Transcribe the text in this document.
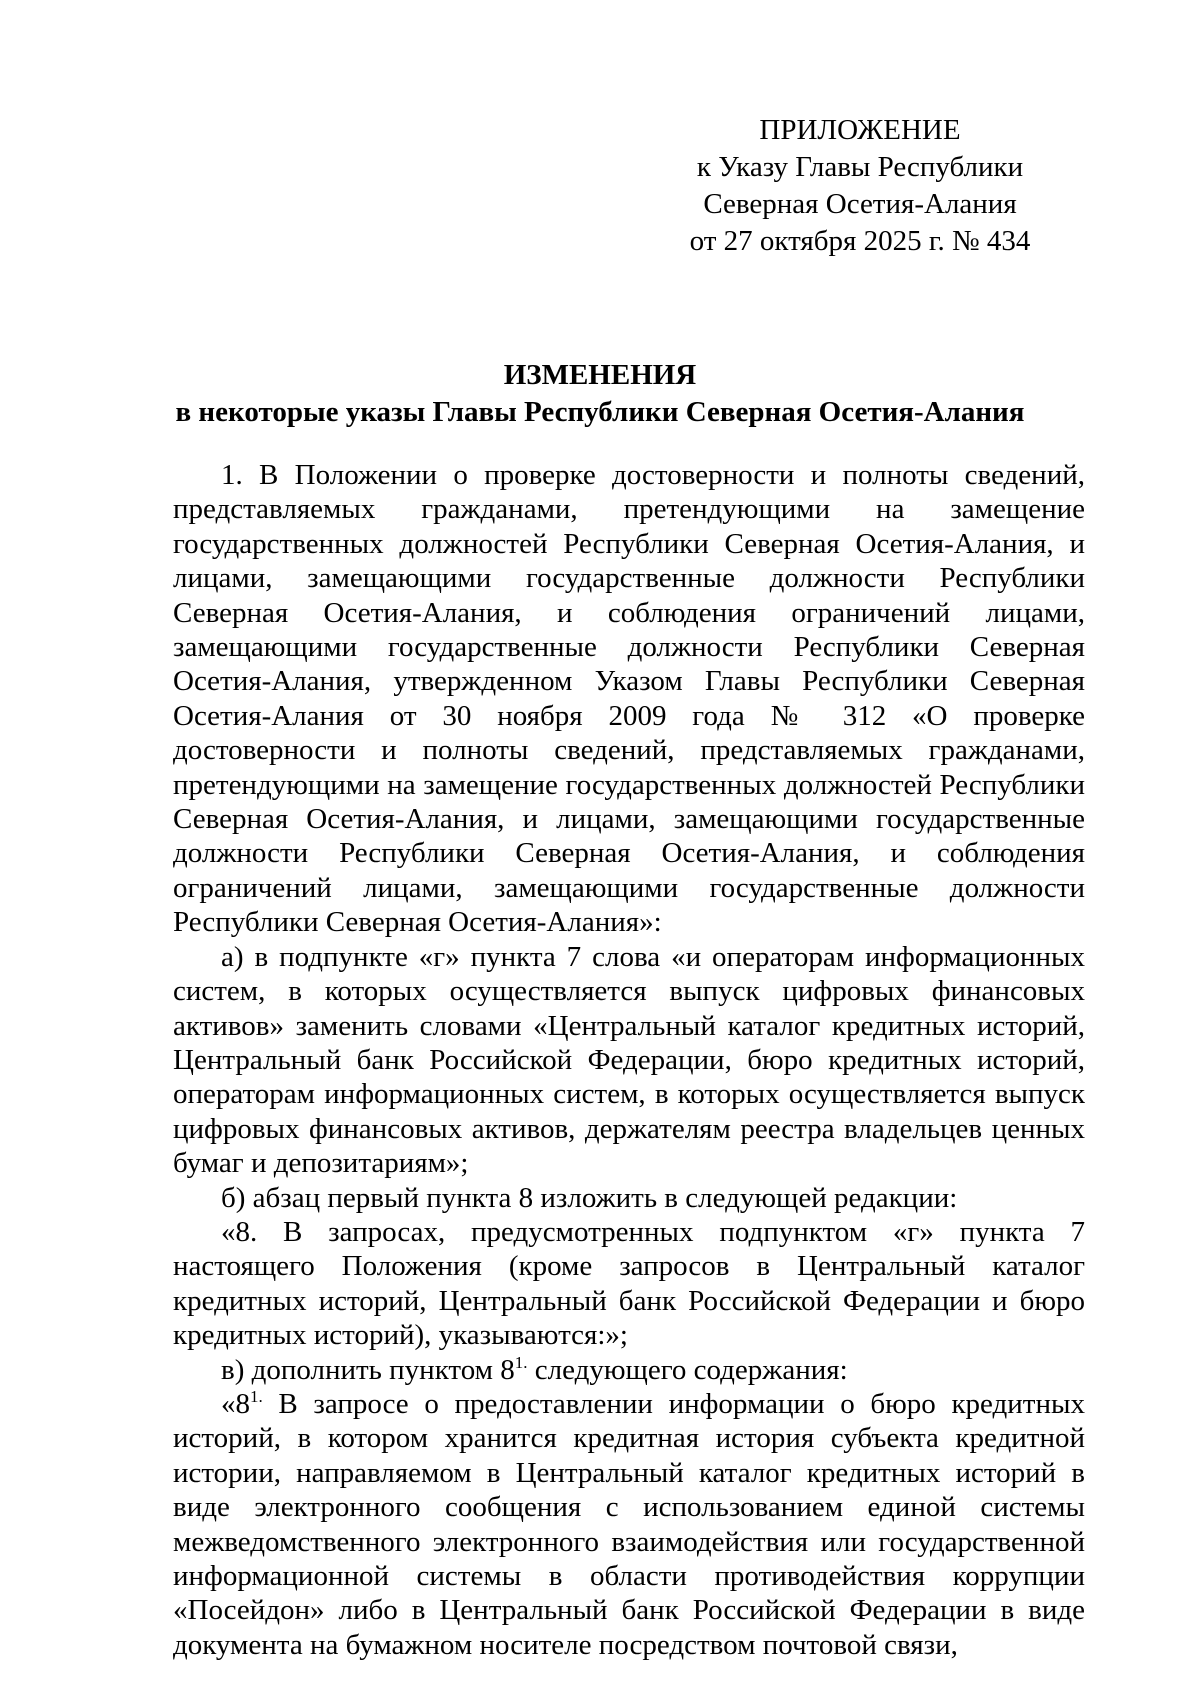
ПРИЛОЖЕНИЕ
к Указу Главы Республики
Северная Осетия-Алания
от 27 октября 2025 г. № 434
ИЗМЕНЕНИЯ
в некоторые указы Главы Республики Северная Осетия-Алания

1. В Положении о проверке достоверности и полноты сведений, представляемых гражданами, претендующими на замещение государственных должностей Республики Северная Осетия-Алания, и лицами, замещающими государственные должности Республики Северная Осетия-Алания, и соблюдения ограничений лицами, замещающими государственные должности Республики Северная Осетия-Алания, утвержденном Указом Главы Республики Северная Осетия-Алания от 30 ноября 2009 года № 312 «О проверке достоверности и полноты сведений, представляемых гражданами, претендующими на замещение государственных должностей Республики Северная Осетия-Алания, и лицами, замещающими государственные должности Республики Северная Осетия-Алания, и соблюдения ограничений лицами, замещающими государственные должности Республики Северная Осетия-Алания»:

а) в подпункте «г» пункта 7 слова «и операторам информационных систем, в которых осуществляется выпуск цифровых финансовых активов» заменить словами «Центральный каталог кредитных историй, Центральный банк Российской Федерации, бюро кредитных историй, операторам информационных систем, в которых осуществляется выпуск цифровых финансовых активов, держателям реестра владельцев ценных бумаг и депозитариям»;

б) абзац первый пункта 8 изложить в следующей редакции:

«8. В запросах, предусмотренных подпунктом «г» пункта 7 настоящего Положения (кроме запросов в Центральный каталог кредитных историй, Центральный банк Российской Федерации и бюро кредитных историй), указываются:»;

в) дополнить пунктом $8^{1.}$ следующего содержания:

«$8^{1.}$ В запросе о предоставлении информации о бюро кредитных историй, в котором хранится кредитная история субъекта кредитной истории, направляемом в Центральный каталог кредитных историй в виде электронного сообщения с использованием единой системы межведомственного электронного взаимодействия или государственной информационной системы в области противодействия коррупции «Посейдон» либо в Центральный банк Российской Федерации в виде документа на бумажном носителе посредством почтовой связи,
